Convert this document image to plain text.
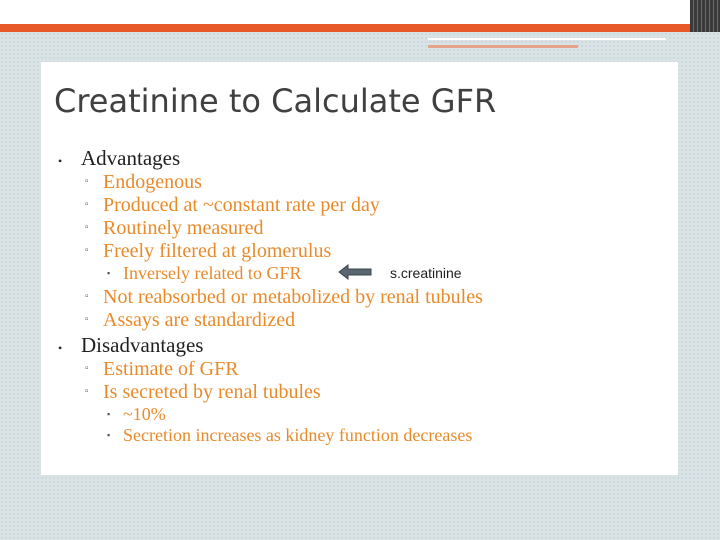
Creatinine to Calculate GFR
• Advantages
▫ Endogenous
▫ Produced at ~constant rate per day
▫ Routinely measured
▫ Freely filtered at glomerulus
▪ Inversely related to GFR	s.creatinine
▫ Not reabsorbed or metabolized by renal tubules
▫ Assays are standardized
• Disadvantages
▫ Estimate of GFR
▫ Is secreted by renal tubules
▪ ~10%
▪ Secretion increases as kidney function decreases
